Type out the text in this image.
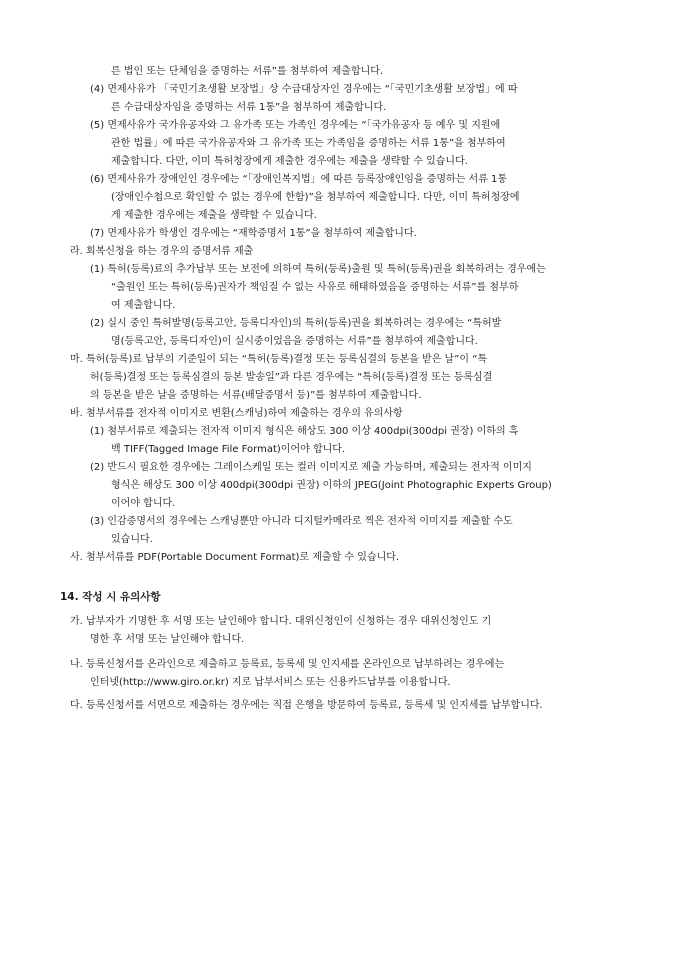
른 법인 또는 단체임을 증명하는 서류”를 첨부하여 제출합니다.
(4) 면제사유가 「국민기초생활 보장법」상 수급대상자인 경우에는 “「국민기초생활 보장법」에 따
른 수급대상자임을 증명하는 서류 1통”을 첨부하여 제출합니다.
(5) 면제사유가 국가유공자와 그 유가족 또는 가족인 경우에는 “「국가유공자 등 예우 및 지원에
관한 법률」에 따른 국가유공자와 그 유가족 또는 가족임을 증명하는 서류 1통”을 첨부하여
제출합니다. 다만, 이미 특허청장에게 제출한 경우에는 제출을 생략할 수 있습니다.
(6) 면제사유가 장애인인 경우에는 “「장애인복지법」에 따른 등록장애인임을 증명하는 서류 1통
(장애인수첩으로 확인할 수 없는 경우에 한함)”을 첨부하여 제출합니다. 다만, 이미 특허청장에
게 제출한 경우에는 제출을 생략할 수 있습니다.
(7) 면제사유가 학생인 경우에는 “재학증명서 1통”을 첨부하여 제출합니다.
라. 회복신청을 하는 경우의 증명서류 제출
(1) 특허(등록)료의 추가납부 또는 보전에 의하여 특허(등록)출원 및 특허(등록)권을 회복하려는 경우에는
“출원인 또는 특허(등록)권자가 책임질 수 없는 사유로 해태하였음을 증명하는 서류”를 첨부하
여 제출합니다.
(2) 실시 중인 특허발명(등록고안, 등록디자인)의 특허(등록)권을 회복하려는 경우에는 “특허발
명(등록고안, 등록디자인)이 실시중이었음을 증명하는 서류”를 첨부하여 제출합니다.
마. 특허(등록)료 납부의 기준일이 되는 “특허(등록)결정 또는 등록심결의 등본을 받은 날”이 “특
허(등록)결정 또는 등록심결의 등본 발송일”과 다른 경우에는 “특허(등록)결정 또는 등록심결
의 등본을 받은 날을 증명하는 서류(배달증명서 등)”를 첨부하여 제출합니다.
바. 첨부서류를 전자적 이미지로 변환(스캐닝)하여 제출하는 경우의 유의사항
(1) 첨부서류로 제출되는 전자적 이미지 형식은 해상도 300 이상 400dpi(300dpi 권장) 이하의 흑
백 TIFF(Tagged Image File Format)이어야 합니다.
(2) 반드시 필요한 경우에는 그레이스케일 또는 컬러 이미지로 제출 가능하며, 제출되는 전자적 이미지
형식은 해상도 300 이상 400dpi(300dpi 권장) 이하의 JPEG(Joint Photographic Experts Group)
이어야 합니다.
(3) 인감증명서의 경우에는 스캐닝뿐만 아니라 디지털카메라로 찍은 전자적 이미지를 제출할 수도
있습니다.
사. 첨부서류를 PDF(Portable Document Format)로 제출할 수 있습니다.
14. 작성 시 유의사항
가. 납부자가 기명한 후 서명 또는 날인해야 합니다. 대위신청인이 신청하는 경우 대위신청인도 기
명한 후 서명 또는 날인해야 합니다.
나. 등록신청서를 온라인으로 제출하고 등록료, 등록세 및 인지세를 온라인으로 납부하려는 경우에는
인터넷(http://www.giro.or.kr) 지로 납부서비스 또는 신용카드납부를 이용합니다.
다. 등록신청서를 서면으로 제출하는 경우에는 직접 은행을 방문하여 등록료, 등록세 및 인지세를 납부합니다.
